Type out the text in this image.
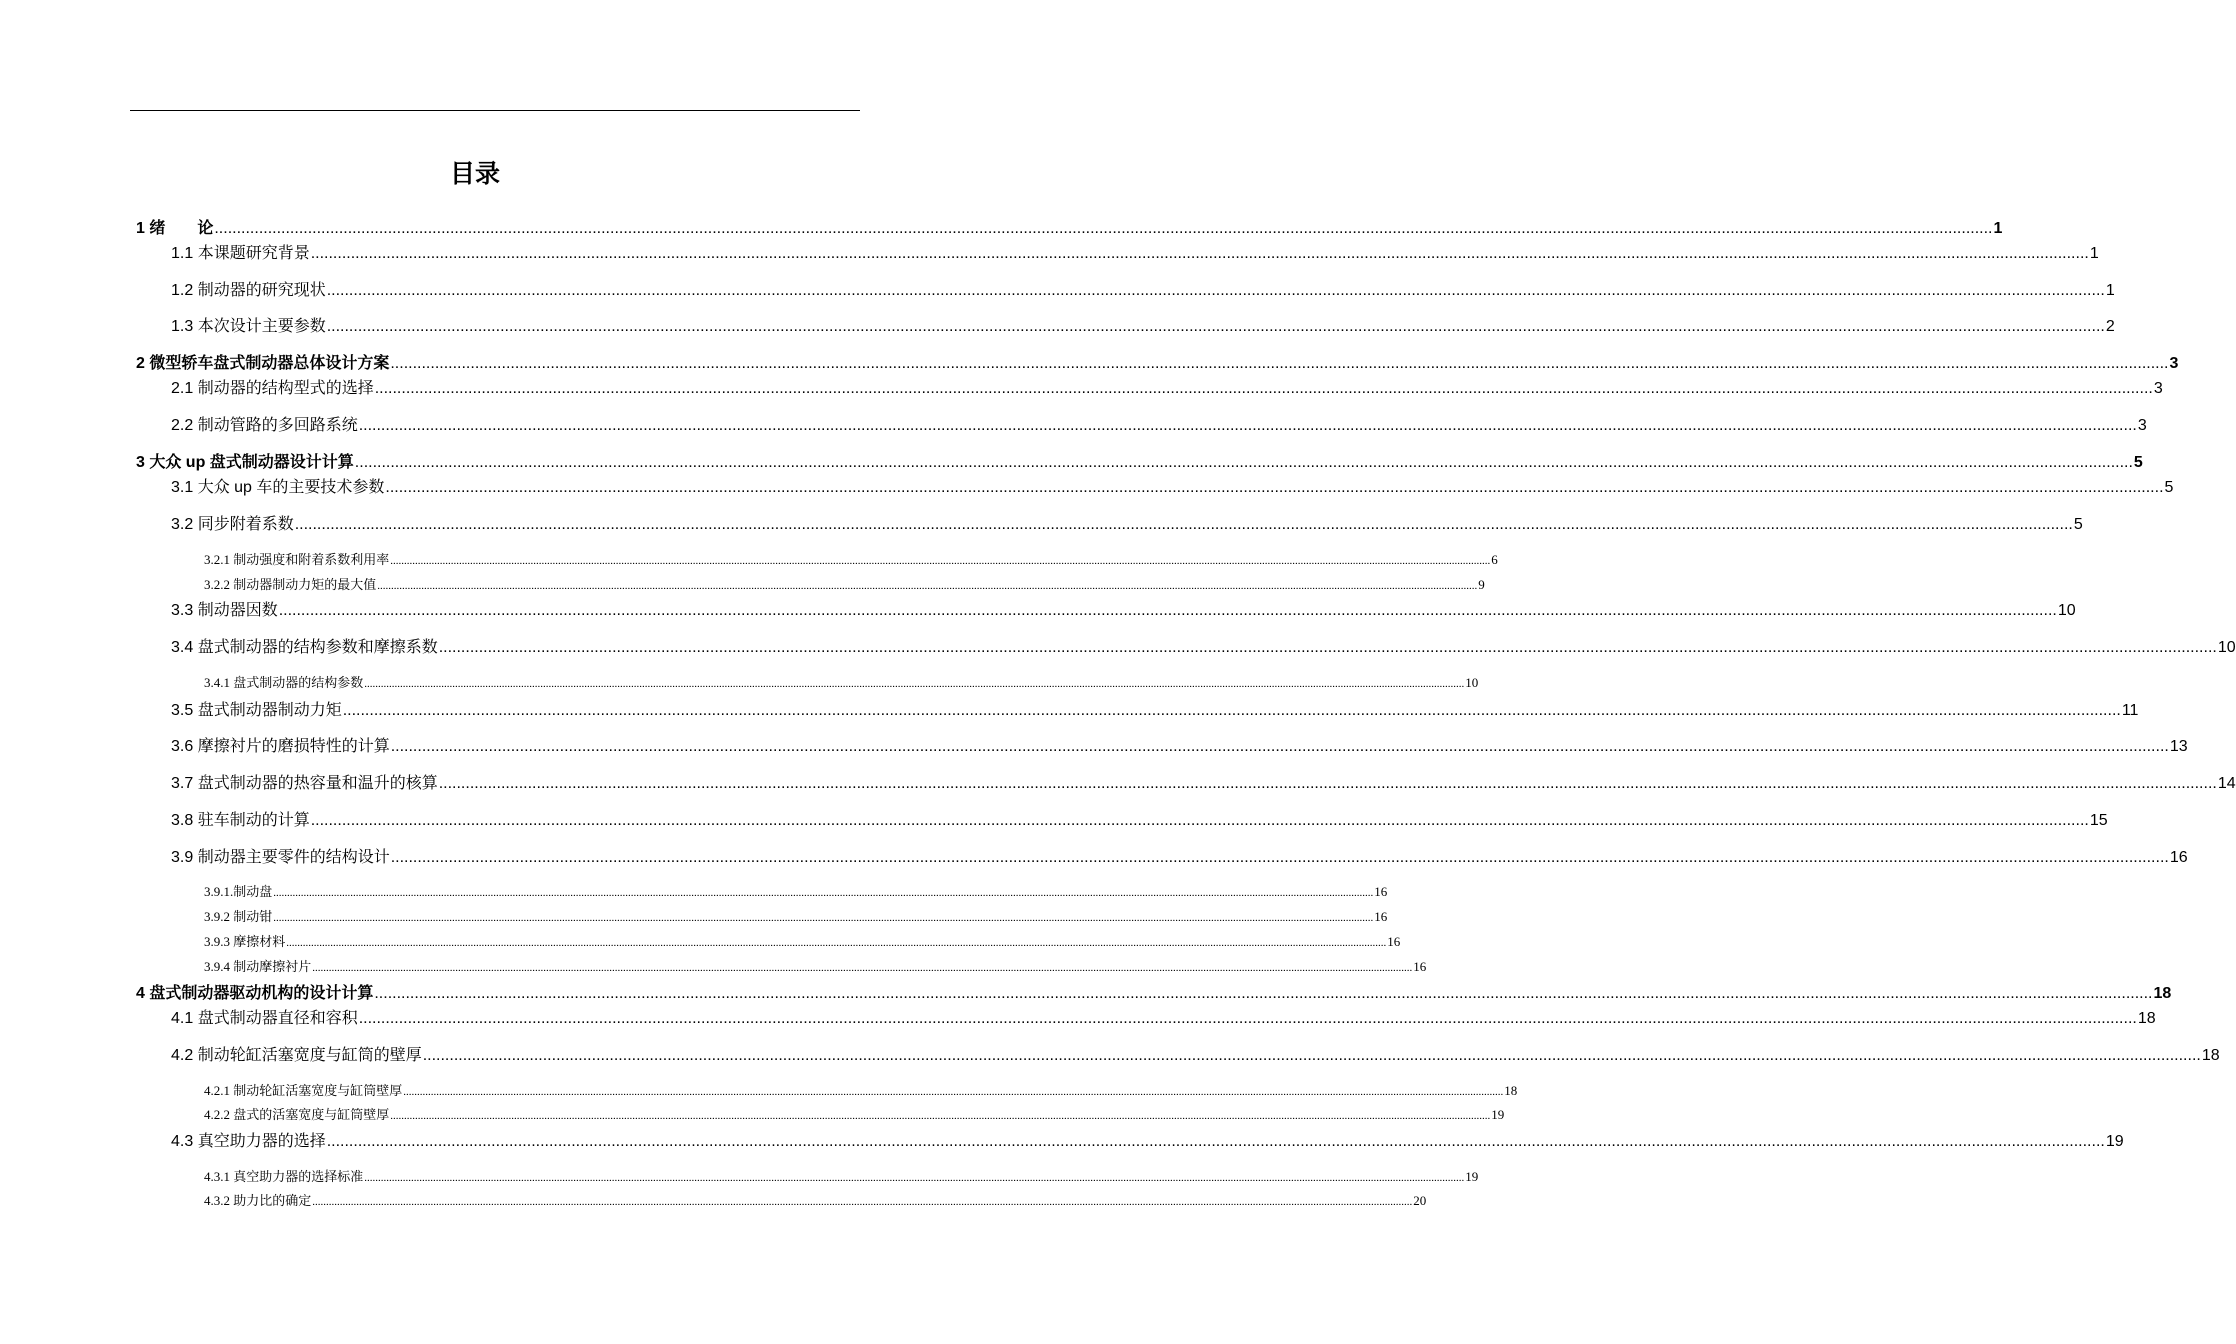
目录
1 绪　　论 ................................................................................................................................................................................................................................................................................................................................................................................................................ 1
1.1 本课题研究背景 ................................................................................................................................................................................................................................................................................................................................................................................................................ 1
1.2 制动器的研究现状 ................................................................................................................................................................................................................................................................................................................................................................................................................ 1
1.3 本次设计主要参数 ................................................................................................................................................................................................................................................................................................................................................................................................................ 2
2 微型轿车盘式制动器总体设计方案 ................................................................................................................................................................................................................................................................................................................................................................................................................ 3
2.1 制动器的结构型式的选择 ................................................................................................................................................................................................................................................................................................................................................................................................................ 3
2.2 制动管路的多回路系统 ................................................................................................................................................................................................................................................................................................................................................................................................................ 3
3 大众 up 盘式制动器设计计算 ................................................................................................................................................................................................................................................................................................................................................................................................................ 5
3.1 大众 up 车的主要技术参数 ................................................................................................................................................................................................................................................................................................................................................................................................................ 5
3.2 同步附着系数 ................................................................................................................................................................................................................................................................................................................................................................................................................ 5
3.2.1 制动强度和附着系数利用率 ................................................................................................................................................................................................................................................................................................................................................................................................................ 6
3.2.2 制动器制动力矩的最大值 ................................................................................................................................................................................................................................................................................................................................................................................................................ 9
3.3 制动器因数 ................................................................................................................................................................................................................................................................................................................................................................................................................ 10
3.4 盘式制动器的结构参数和摩擦系数 ................................................................................................................................................................................................................................................................................................................................................................................................................ 10
3.4.1 盘式制动器的结构参数 ................................................................................................................................................................................................................................................................................................................................................................................................................ 10
3.5 盘式制动器制动力矩 ................................................................................................................................................................................................................................................................................................................................................................................................................ 11
3.6 摩擦衬片的磨损特性的计算 ................................................................................................................................................................................................................................................................................................................................................................................................................ 13
3.7 盘式制动器的热容量和温升的核算 ................................................................................................................................................................................................................................................................................................................................................................................................................ 14
3.8 驻车制动的计算 ................................................................................................................................................................................................................................................................................................................................................................................................................ 15
3.9 制动器主要零件的结构设计 ................................................................................................................................................................................................................................................................................................................................................................................................................ 16
3.9.1.制动盘 ................................................................................................................................................................................................................................................................................................................................................................................................................ 16
3.9.2 制动钳 ................................................................................................................................................................................................................................................................................................................................................................................................................ 16
3.9.3 摩擦材料 ................................................................................................................................................................................................................................................................................................................................................................................................................ 16
3.9.4 制动摩擦衬片 ................................................................................................................................................................................................................................................................................................................................................................................................................ 16
4 盘式制动器驱动机构的设计计算 ................................................................................................................................................................................................................................................................................................................................................................................................................ 18
4.1 盘式制动器直径和容积 ................................................................................................................................................................................................................................................................................................................................................................................................................ 18
4.2 制动轮缸活塞宽度与缸筒的壁厚 ................................................................................................................................................................................................................................................................................................................................................................................................................ 18
4.2.1 制动轮缸活塞宽度与缸筒壁厚 ................................................................................................................................................................................................................................................................................................................................................................................................................ 18
4.2.2 盘式的活塞宽度与缸筒壁厚 ................................................................................................................................................................................................................................................................................................................................................................................................................ 19
4.3 真空助力器的选择 ................................................................................................................................................................................................................................................................................................................................................................................................................ 19
4.3.1 真空助力器的选择标准 ................................................................................................................................................................................................................................................................................................................................................................................................................ 19
4.3.2 助力比的确定 ................................................................................................................................................................................................................................................................................................................................................................................................................ 20
